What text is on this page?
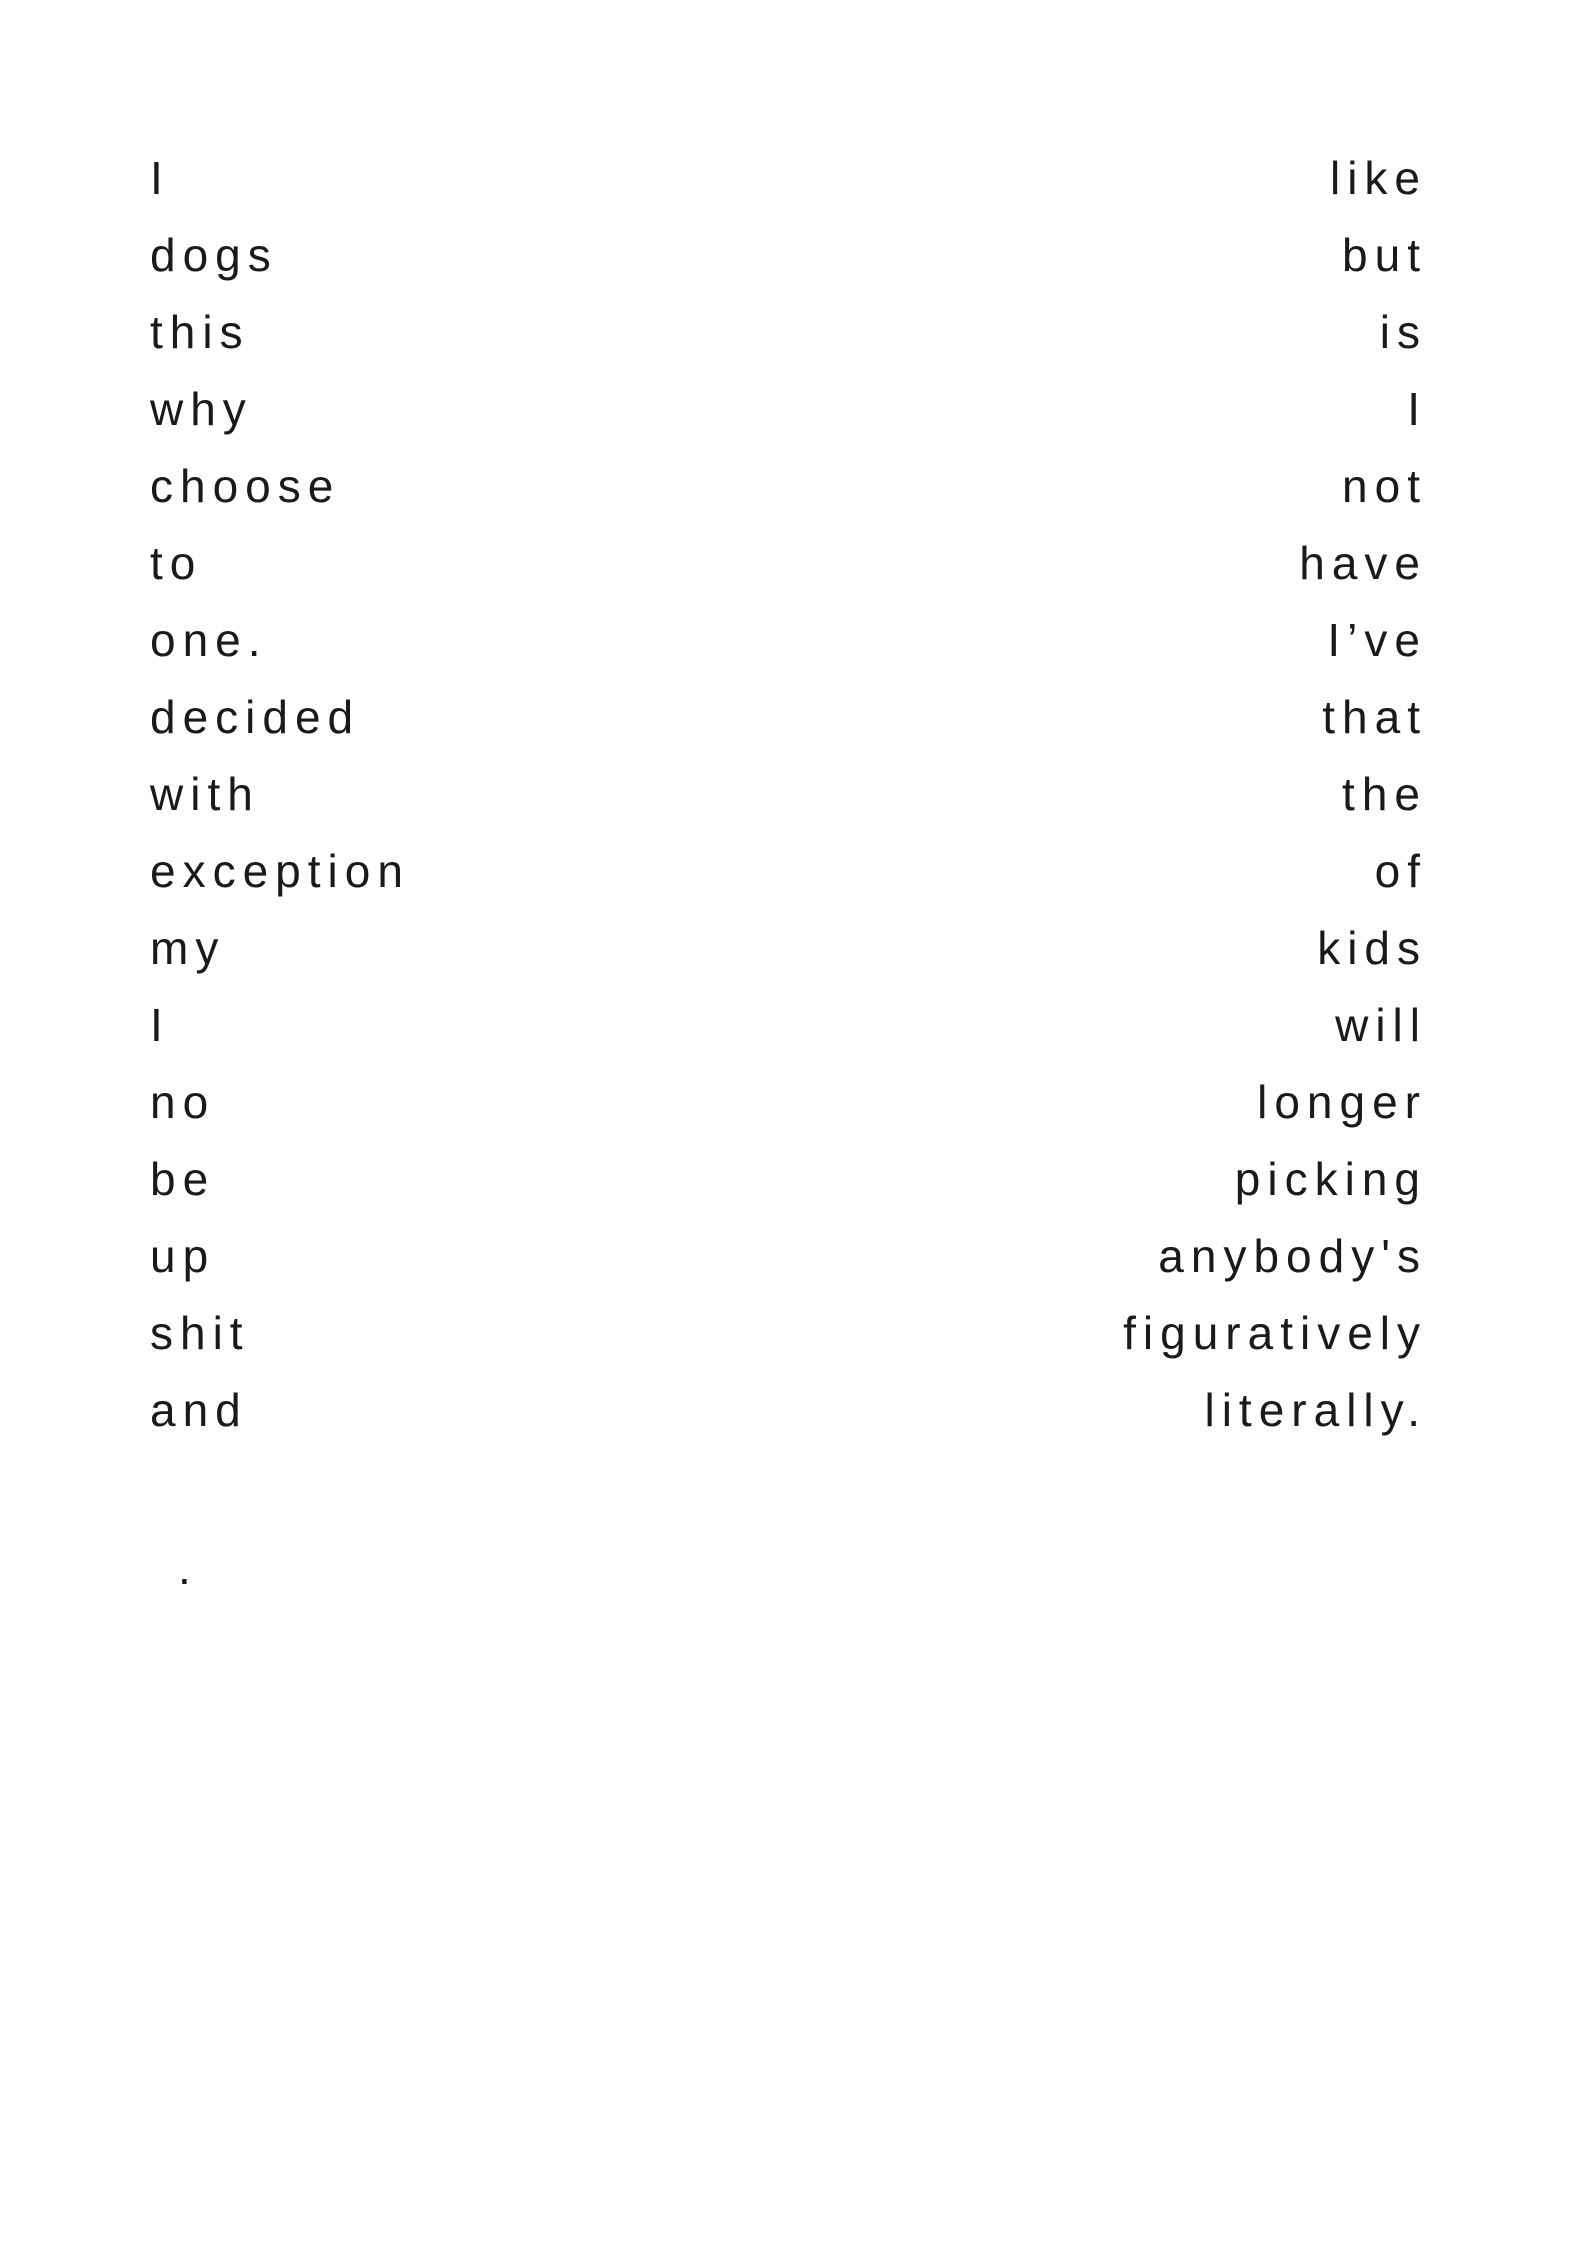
I	like
dogs	but
this	is
why	I
choose	not
to	have
one.	I’ve
decided	that
with	the
exception	of
my	kids
I	will
no	longer
be	picking
up	anybody's
shit	figuratively
and	literally.
.
